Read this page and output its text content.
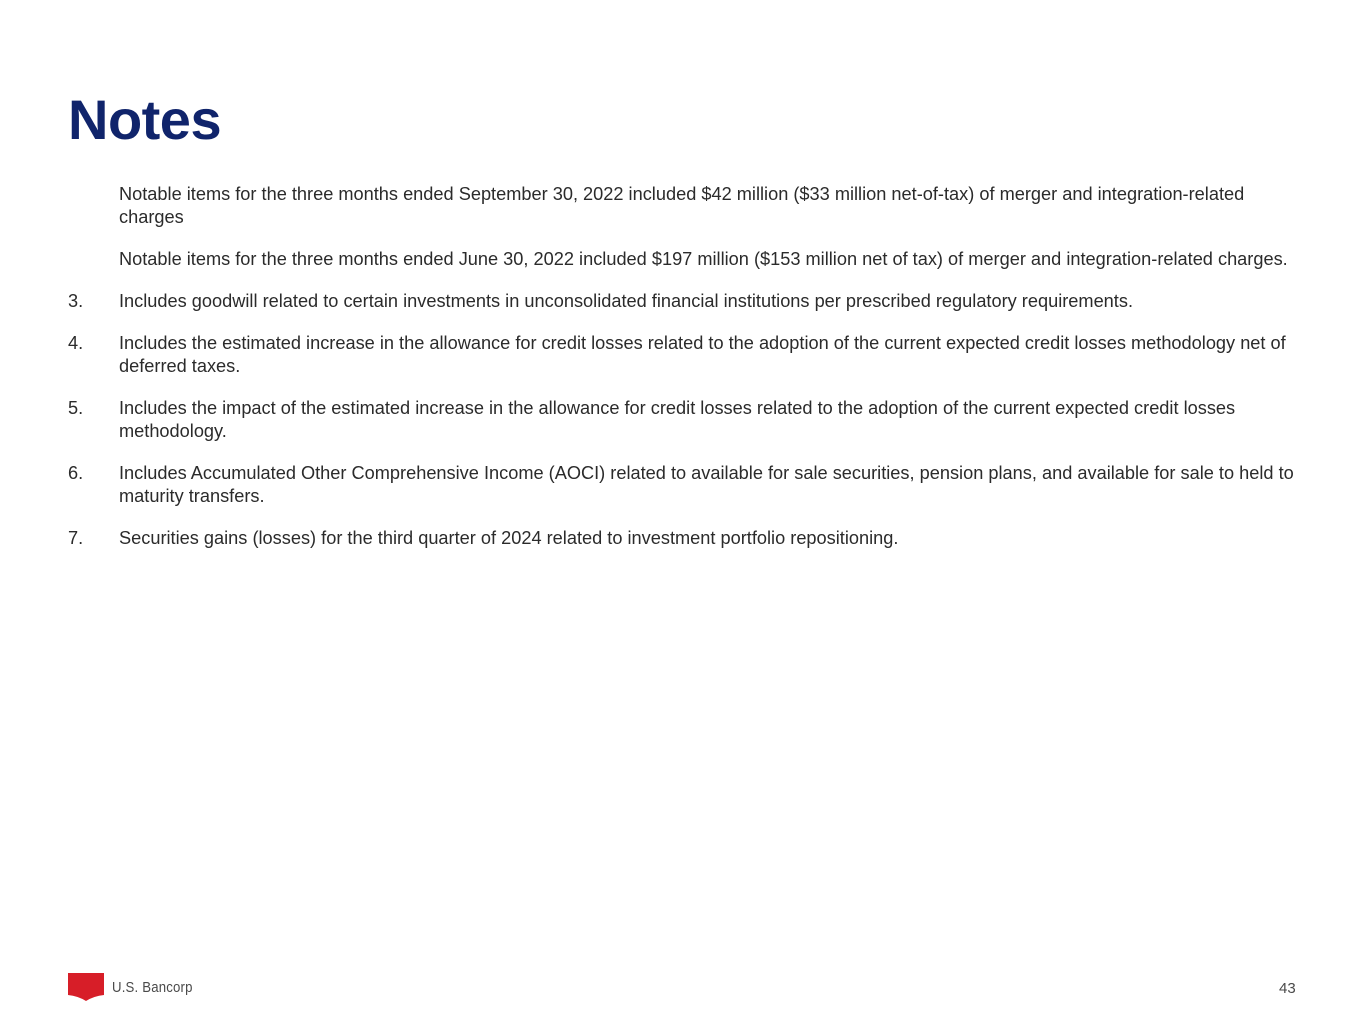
Notes
Notable items for the three months ended September 30, 2022 included $42 million ($33 million net-of-tax) of merger and integration-related charges
Notable items for the three months ended June 30, 2022 included $197 million ($153 million net of tax) of merger and integration-related charges.
3.	Includes goodwill related to certain investments in unconsolidated financial institutions per prescribed regulatory requirements.
4.	Includes the estimated increase in the allowance for credit losses related to the adoption of the current expected credit losses methodology net of deferred taxes.
5.	Includes the impact of the estimated increase in the allowance for credit losses related to the adoption of the current expected credit losses methodology.
6.	Includes Accumulated Other Comprehensive Income (AOCI) related to available for sale securities, pension plans, and available for sale to held to maturity transfers.
7.	Securities gains (losses) for the third quarter of 2024 related to investment portfolio repositioning.
U.S. Bancorp	43
